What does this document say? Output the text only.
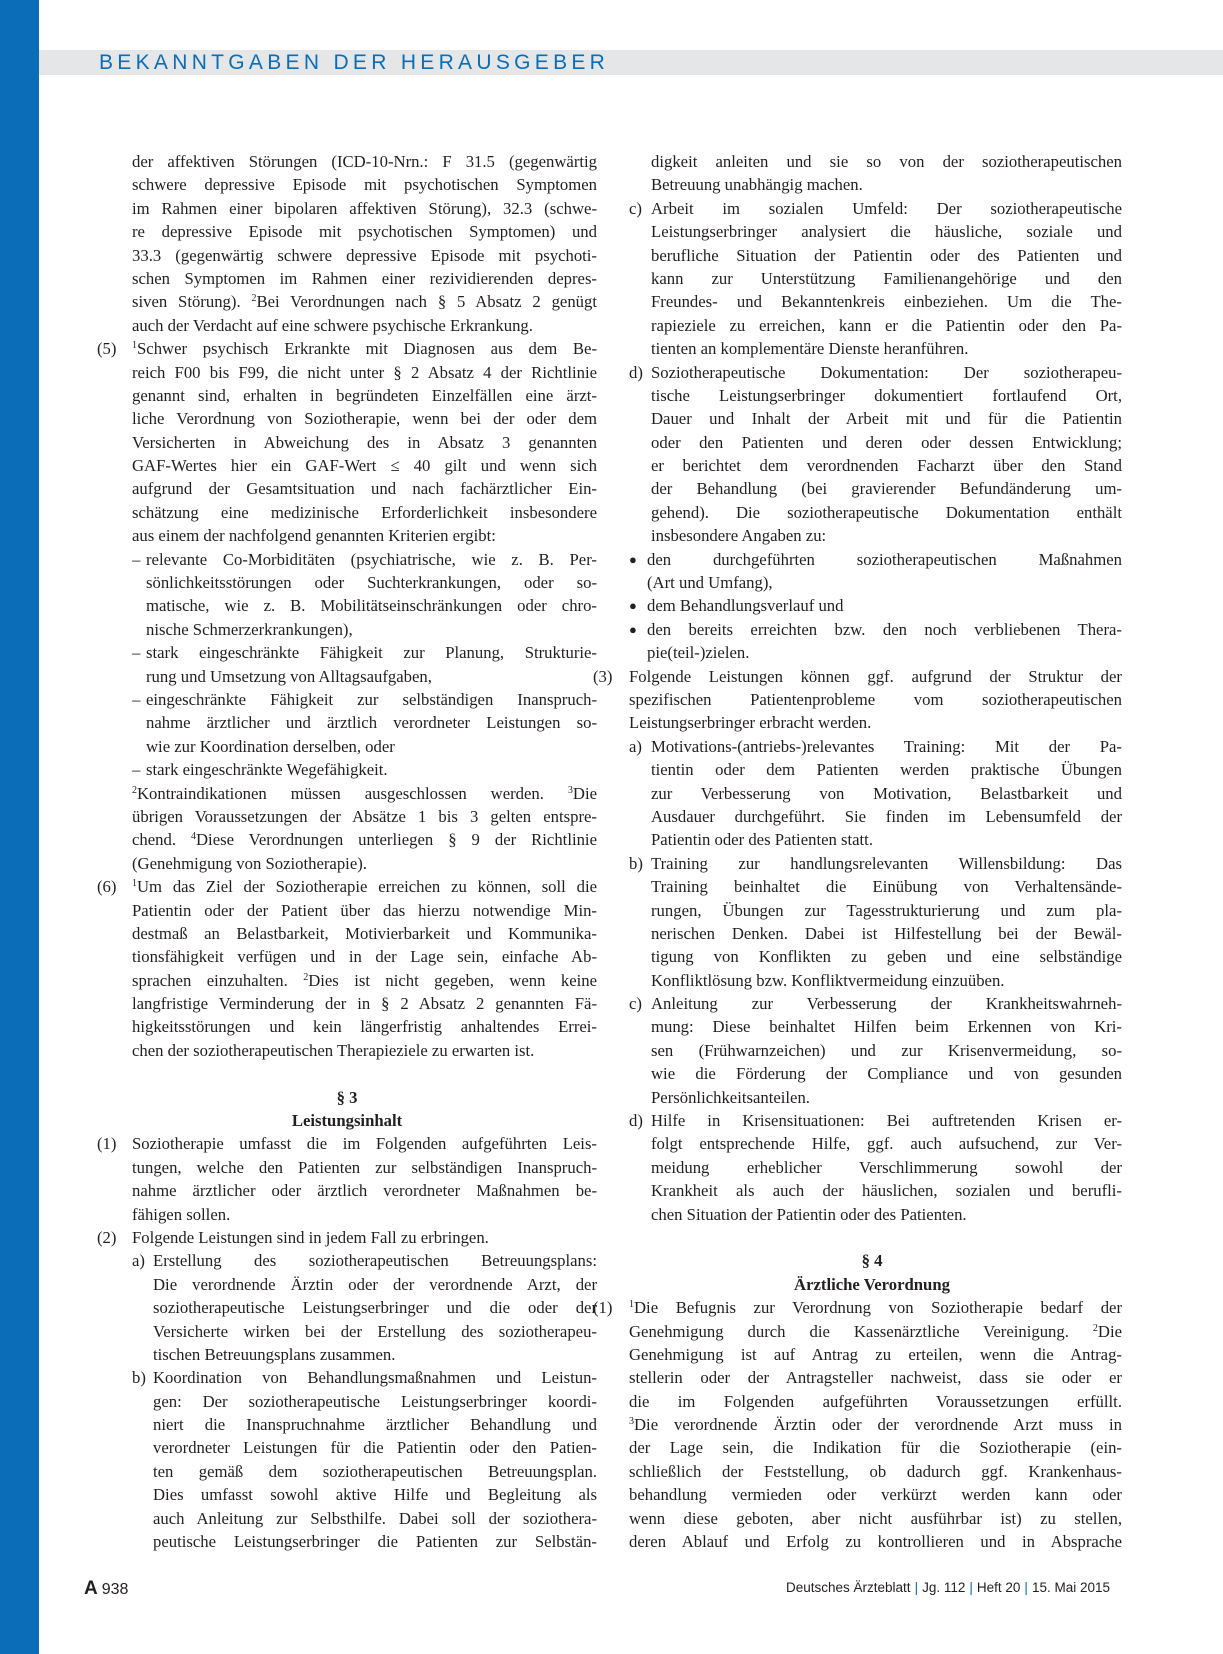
BEKANNTGABEN DER HERAUSGEBER
der affektiven Störungen (ICD-10-Nrn.: F 31.5 (gegenwärtig
schwere depressive Episode mit psychotischen Symptomen
im Rahmen einer bipolaren affektiven Störung), 32.3 (schwe-
re depressive Episode mit psychotischen Symptomen) und
33.3 (gegenwärtig schwere depressive Episode mit psychoti-
schen Symptomen im Rahmen einer rezividierenden depres-
siven Störung). $^2$Bei Verordnungen nach § 5 Absatz 2 genügt
auch der Verdacht auf eine schwere psychische Erkrankung.
(5) $^1$Schwer psychisch Erkrankte mit Diagnosen aus dem Be-
reich F00 bis F99, die nicht unter § 2 Absatz 4 der Richtlinie
genannt sind, erhalten in begründeten Einzelfällen eine ärzt-
liche Verordnung von Soziotherapie, wenn bei der oder dem
Versicherten in Abweichung des in Absatz 3 genannten
GAF-Wertes hier ein GAF-Wert ≤ 40 gilt und wenn sich
aufgrund der Gesamtsituation und nach fachärztlicher Ein-
schätzung eine medizinische Erforderlichkeit insbesondere
aus einem der nachfolgend genannten Kriterien ergibt:
– relevante Co-Morbiditäten (psychiatrische, wie z. B. Per-
sönlichkeitsstörungen oder Suchterkrankungen, oder so-
matische, wie z. B. Mobilitätseinschränkungen oder chro-
nische Schmerzerkrankungen),
– stark eingeschränkte Fähigkeit zur Planung, Strukturie-
rung und Umsetzung von Alltagsaufgaben,
– eingeschränkte Fähigkeit zur selbständigen Inanspruch-
nahme ärztlicher und ärztlich verordneter Leistungen so-
wie zur Koordination derselben, oder
– stark eingeschränkte Wegefähigkeit.
$^2$Kontraindikationen müssen ausgeschlossen werden. $^3$Die
übrigen Voraussetzungen der Absätze 1 bis 3 gelten entspre-
chend. $^4$Diese Verordnungen unterliegen § 9 der Richtlinie
(Genehmigung von Soziotherapie).
(6) $^1$Um das Ziel der Soziotherapie erreichen zu können, soll die
Patientin oder der Patient über das hierzu notwendige Min-
destmaß an Belastbarkeit, Motivierbarkeit und Kommunika-
tionsfähigkeit verfügen und in der Lage sein, einfache Ab-
sprachen einzuhalten. $^2$Dies ist nicht gegeben, wenn keine
langfristige Verminderung der in § 2 Absatz 2 genannten Fä-
higkeitsstörungen und kein längerfristig anhaltendes Errei-
chen der soziotherapeutischen Therapieziele zu erwarten ist.
§ 3
Leistungsinhalt
(1) Soziotherapie umfasst die im Folgenden aufgeführten Leis-
tungen, welche den Patienten zur selbständigen Inanspruch-
nahme ärztlicher oder ärztlich verordneter Maßnahmen be-
fähigen sollen.
(2) Folgende Leistungen sind in jedem Fall zu erbringen.
a) Erstellung des soziotherapeutischen Betreuungsplans:
Die verordnende Ärztin oder der verordnende Arzt, der
soziotherapeutische Leistungserbringer und die oder der
Versicherte wirken bei der Erstellung des soziotherapeu-
tischen Betreuungsplans zusammen.
b) Koordination von Behandlungsmaßnahmen und Leistun-
gen: Der soziotherapeutische Leistungserbringer koordi-
niert die Inanspruchnahme ärztlicher Behandlung und
verordneter Leistungen für die Patientin oder den Patien-
ten gemäß dem soziotherapeutischen Betreuungsplan.
Dies umfasst sowohl aktive Hilfe und Begleitung als
auch Anleitung zur Selbsthilfe. Dabei soll der soziothera-
peutische Leistungserbringer die Patienten zur Selbstän-
digkeit anleiten und sie so von der soziotherapeutischen
Betreuung unabhängig machen.
c) Arbeit im sozialen Umfeld: Der soziotherapeutische
Leistungserbringer analysiert die häusliche, soziale und
berufliche Situation der Patientin oder des Patienten und
kann zur Unterstützung Familienangehörige und den
Freundes- und Bekanntenkreis einbeziehen. Um die The-
rapieziele zu erreichen, kann er die Patientin oder den Pa-
tienten an komplementäre Dienste heranführen.
d) Soziotherapeutische Dokumentation: Der soziotherapeu-
tische Leistungserbringer dokumentiert fortlaufend Ort,
Dauer und Inhalt der Arbeit mit und für die Patientin
oder den Patienten und deren oder dessen Entwicklung;
er berichtet dem verordnenden Facharzt über den Stand
der Behandlung (bei gravierender Befundänderung um-
gehend). Die soziotherapeutische Dokumentation enthält
insbesondere Angaben zu:
● den durchgeführten soziotherapeutischen Maßnahmen
(Art und Umfang),
● dem Behandlungsverlauf und
● den bereits erreichten bzw. den noch verbliebenen Thera-
pie(teil-)zielen.
(3) Folgende Leistungen können ggf. aufgrund der Struktur der
spezifischen Patientenprobleme vom soziotherapeutischen
Leistungserbringer erbracht werden.
a) Motivations-(antriebs-)relevantes Training: Mit der Pa-
tientin oder dem Patienten werden praktische Übungen
zur Verbesserung von Motivation, Belastbarkeit und
Ausdauer durchgeführt. Sie finden im Lebensumfeld der
Patientin oder des Patienten statt.
b) Training zur handlungsrelevanten Willensbildung: Das
Training beinhaltet die Einübung von Verhaltensände-
rungen, Übungen zur Tagesstrukturierung und zum pla-
nerischen Denken. Dabei ist Hilfestellung bei der Bewäl-
tigung von Konflikten zu geben und eine selbständige
Konfliktlösung bzw. Konfliktvermeidung einzuüben.
c) Anleitung zur Verbesserung der Krankheitswahrneh-
mung: Diese beinhaltet Hilfen beim Erkennen von Kri-
sen (Frühwarnzeichen) und zur Krisenvermeidung, so-
wie die Förderung der Compliance und von gesunden
Persönlichkeitsanteilen.
d) Hilfe in Krisensituationen: Bei auftretenden Krisen er-
folgt entsprechende Hilfe, ggf. auch aufsuchend, zur Ver-
meidung erheblicher Verschlimmerung sowohl der
Krankheit als auch der häuslichen, sozialen und berufli-
chen Situation der Patientin oder des Patienten.
§ 4
Ärztliche Verordnung
(1) $^1$Die Befugnis zur Verordnung von Soziotherapie bedarf der
Genehmigung durch die Kassenärztliche Vereinigung. $^2$Die
Genehmigung ist auf Antrag zu erteilen, wenn die Antrag-
stellerin oder der Antragsteller nachweist, dass sie oder er
die im Folgenden aufgeführten Voraussetzungen erfüllt.
$^3$Die verordnende Ärztin oder der verordnende Arzt muss in
der Lage sein, die Indikation für die Soziotherapie (ein-
schließlich der Feststellung, ob dadurch ggf. Krankenhaus-
behandlung vermieden oder verkürzt werden kann oder
wenn diese geboten, aber nicht ausführbar ist) zu stellen,
deren Ablauf und Erfolg zu kontrollieren und in Absprache
A 938	Deutsches Ärzteblatt | Jg. 112 | Heft 20 | 15. Mai 2015
